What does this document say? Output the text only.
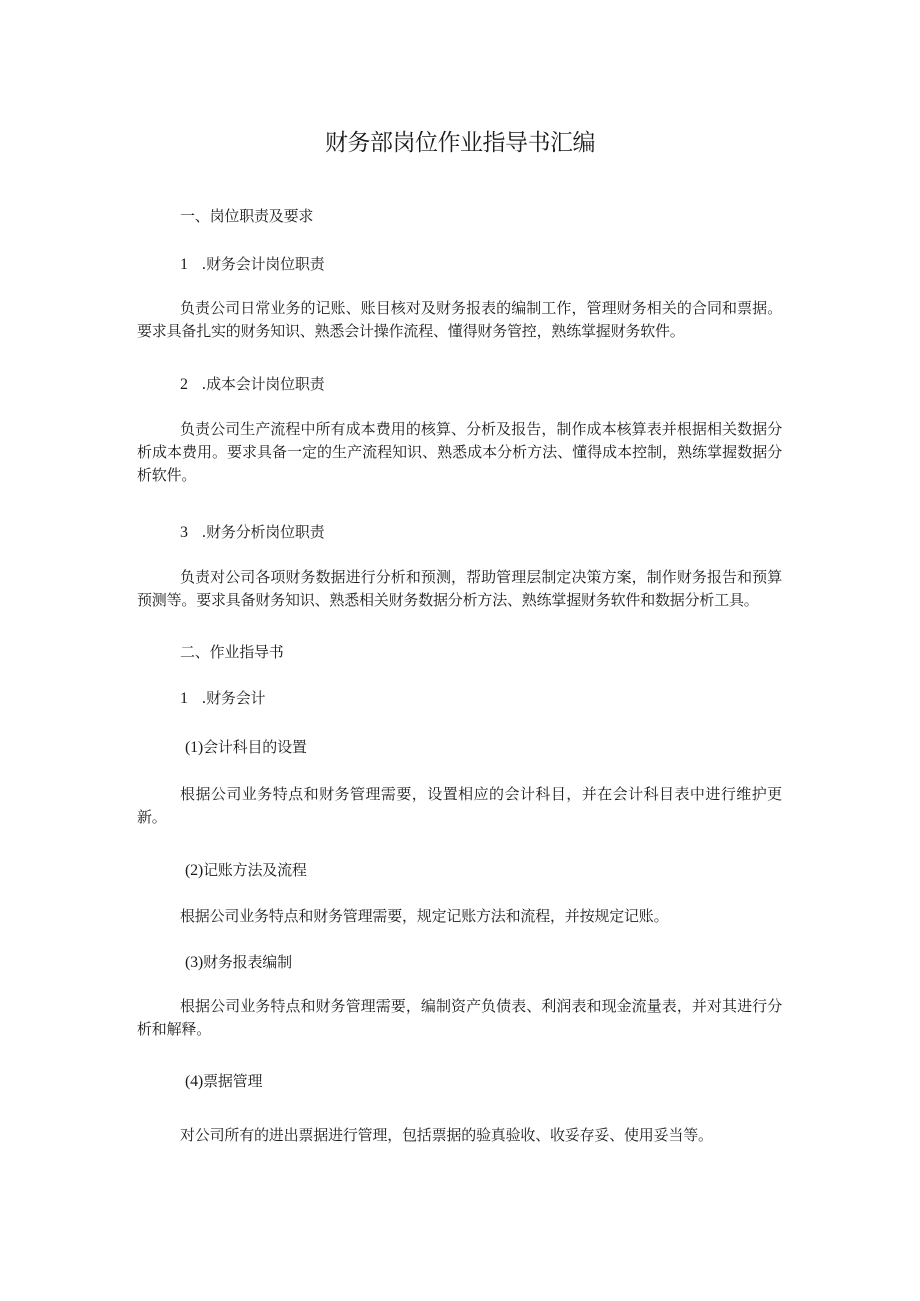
财务部岗位作业指导书汇编
一、岗位职责及要求
1 .财务会计岗位职责
负责公司日常业务的记账、账目核对及财务报表的编制工作，管理财务相关的合同和票据。要求具备扎实的财务知识、熟悉会计操作流程、懂得财务管控，熟练掌握财务软件。
2 .成本会计岗位职责
负责公司生产流程中所有成本费用的核算、分析及报告，制作成本核算表并根据相关数据分析成本费用。要求具备一定的生产流程知识、熟悉成本分析方法、懂得成本控制，熟练掌握数据分析软件。
3 .财务分析岗位职责
负责对公司各项财务数据进行分析和预测，帮助管理层制定决策方案，制作财务报告和预算预测等。要求具备财务知识、熟悉相关财务数据分析方法、熟练掌握财务软件和数据分析工具。
二、作业指导书
1 .财务会计
(1)会计科目的设置
根据公司业务特点和财务管理需要，设置相应的会计科目，并在会计科目表中进行维护更新。
(2)记账方法及流程
根据公司业务特点和财务管理需要，规定记账方法和流程，并按规定记账。
(3)财务报表编制
根据公司业务特点和财务管理需要，编制资产负债表、利润表和现金流量表，并对其进行分析和解释。
(4)票据管理
对公司所有的进出票据进行管理，包括票据的验真验收、收妥存妥、使用妥当等。
